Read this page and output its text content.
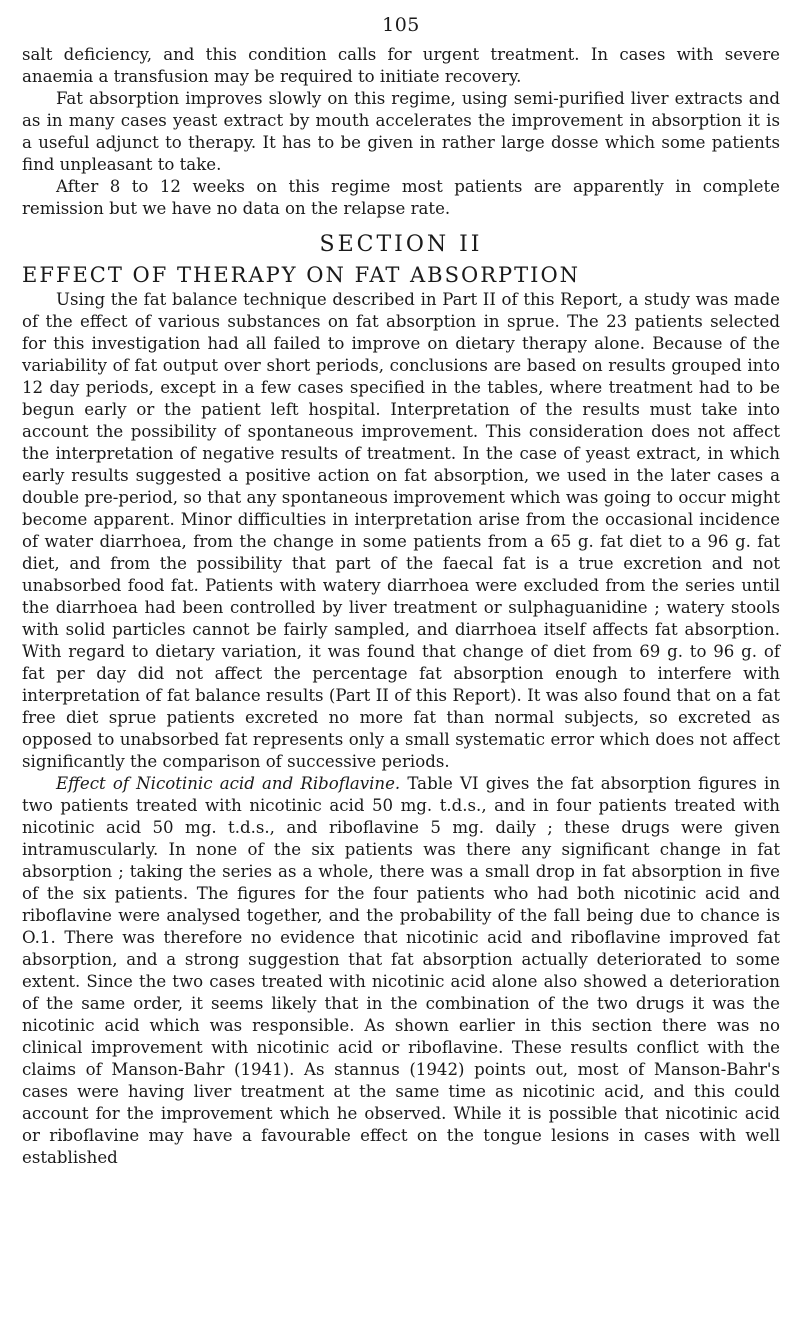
105

salt deficiency, and this condition calls for urgent treatment. In cases with severe anaemia a transfusion may be required to initiate recovery.

Fat absorption improves slowly on this regime, using semi-purified liver extracts and as in many cases yeast extract by mouth accelerates the improvement in absorption it is a useful adjunct to therapy. It has to be given in rather large dosse which some patients find unpleasant to take.

After 8 to 12 weeks on this regime most patients are apparently in complete remission but we have no data on the relapse rate.

SECTION II
EFFECT OF THERAPY ON FAT ABSORPTION

Using the fat balance technique described in Part II of this Report, a study was made of the effect of various substances on fat absorption in sprue. The 23 patients selected for this investigation had all failed to improve on dietary therapy alone. Because of the variability of fat output over short periods, conclusions are based on results grouped into 12 day periods, except in a few cases specified in the tables, where treatment had to be begun early or the patient left hospital. Interpretation of the results must take into account the possibility of spontaneous improvement. This consideration does not affect the interpretation of negative results of treatment. In the case of yeast extract, in which early results suggested a positive action on fat absorption, we used in the later cases a double pre-period, so that any spontaneous improvement which was going to occur might become apparent. Minor difficulties in interpretation arise from the occasional incidence of water diarrhoea, from the change in some patients from a 65 g. fat diet to a 96 g. fat diet, and from the possibility that part of the faecal fat is a true excretion and not unabsorbed food fat. Patients with watery diarrhoea were excluded from the series until the diarrhoea had been controlled by liver treatment or sulphaguanidine ; watery stools with solid particles cannot be fairly sampled, and diarrhoea itself affects fat absorption. With regard to dietary variation, it was found that change of diet from 69 g. to 96 g. of fat per day did not affect the percentage fat absorption enough to interfere with interpretation of fat balance results (Part II of this Report). It was also found that on a fat free diet sprue patients excreted no more fat than normal subjects, so excreted as opposed to unabsorbed fat represents only a small systematic error which does not affect significantly the comparison of successive periods.

Effect of Nicotinic acid and Riboflavine. Table VI gives the fat absorption figures in two patients treated with nicotinic acid 50 mg. t.d.s., and in four patients treated with nicotinic acid 50 mg. t.d.s., and riboflavine 5 mg. daily ; these drugs were given intramuscularly. In none of the six patients was there any significant change in fat absorption ; taking the series as a whole, there was a small drop in fat absorption in five of the six patients. The figures for the four patients who had both nicotinic acid and riboflavine were analysed together, and the probability of the fall being due to chance is O.1. There was therefore no evidence that nicotinic acid and riboflavine improved fat absorption, and a strong suggestion that fat absorption actually deteriorated to some extent. Since the two cases treated with nicotinic acid alone also showed a deterioration of the same order, it seems likely that in the combination of the two drugs it was the nicotinic acid which was responsible. As shown earlier in this section there was no clinical improvement with nicotinic acid or riboflavine. These results conflict with the claims of Manson-Bahr (1941). As stannus (1942) points out, most of Manson-Bahr's cases were having liver treatment at the same time as nicotinic acid, and this could account for the improvement which he observed. While it is possible that nicotinic acid or riboflavine may have a favourable effect on the tongue lesions in cases with well established
